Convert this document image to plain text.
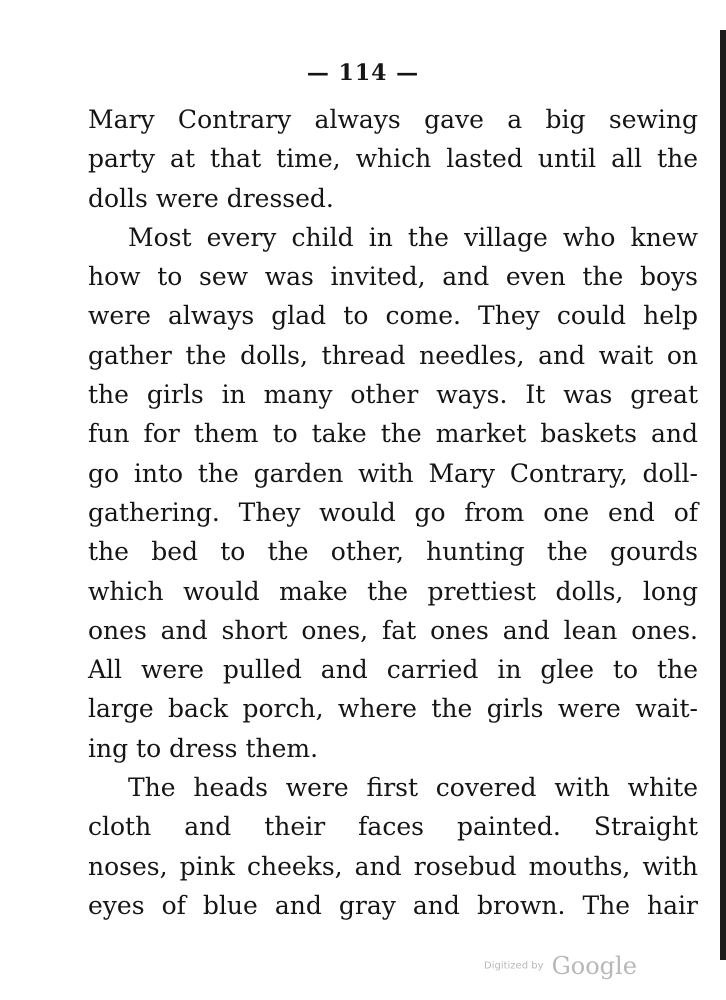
— 114 —
Mary Contrary always gave a big sewing
party at that time, which lasted until all the
dolls were dressed.
Most every child in the village who knew
how to sew was invited, and even the boys
were always glad to come. They could help
gather the dolls, thread needles, and wait on
the girls in many other ways. It was great
fun for them to take the market baskets and
go into the garden with Mary Contrary, doll-
gathering. They would go from one end of
the bed to the other, hunting the gourds
which would make the prettiest dolls, long
ones and short ones, fat ones and lean ones.
All were pulled and carried in glee to the
large back porch, where the girls were wait-
ing to dress them.
The heads were first covered with white
cloth and their faces painted. Straight
noses, pink cheeks, and rosebud mouths, with
eyes of blue and gray and brown. The hair
Digitized by Google
